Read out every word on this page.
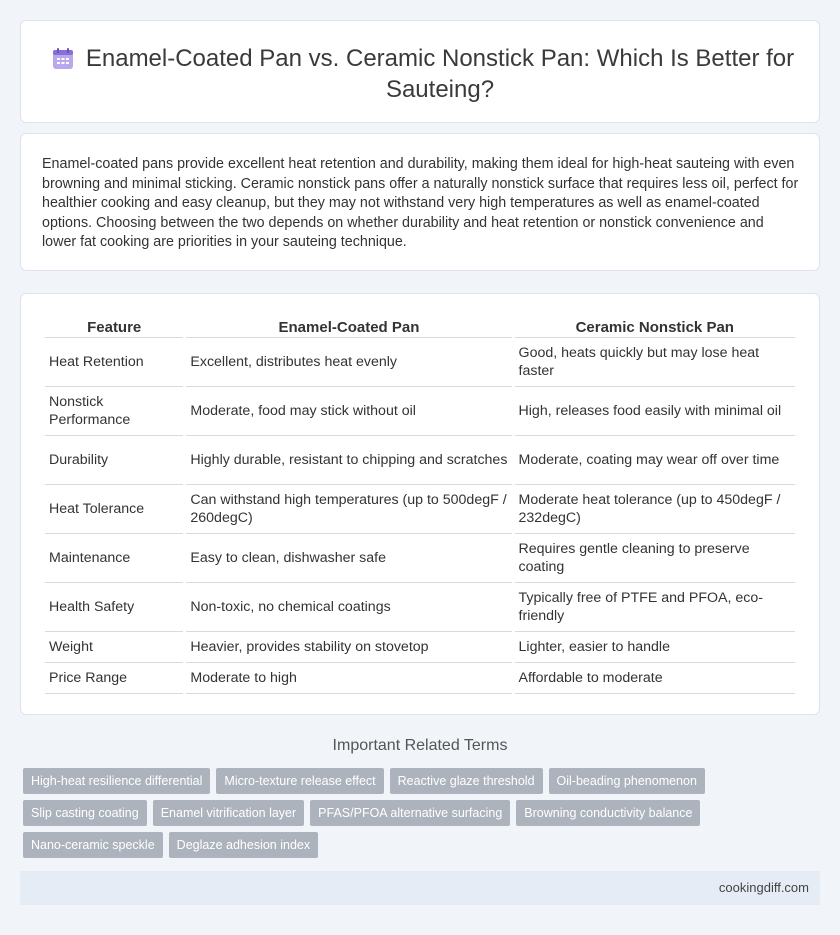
Enamel-Coated Pan vs. Ceramic Nonstick Pan: Which Is Better for Sauteing?

Enamel-coated pans provide excellent heat retention and durability, making them ideal for high-heat sauteing with even browning and minimal sticking. Ceramic nonstick pans offer a naturally nonstick surface that requires less oil, perfect for healthier cooking and easy cleanup, but they may not withstand very high temperatures as well as enamel-coated options. Choosing between the two depends on whether durability and heat retention or nonstick convenience and lower fat cooking are priorities in your sauteing technique.

Feature	Enamel-Coated Pan	Ceramic Nonstick Pan
Heat Retention	Excellent, distributes heat evenly	Good, heats quickly but may lose heat faster
Nonstick Performance	Moderate, food may stick without oil	High, releases food easily with minimal oil
Durability	Highly durable, resistant to chipping and scratches	Moderate, coating may wear off over time
Heat Tolerance	Can withstand high temperatures (up to 500degF / 260degC)	Moderate heat tolerance (up to 450degF / 232degC)
Maintenance	Easy to clean, dishwasher safe	Requires gentle cleaning to preserve coating
Health Safety	Non-toxic, no chemical coatings	Typically free of PTFE and PFOA, eco-friendly
Weight	Heavier, provides stability on stovetop	Lighter, easier to handle
Price Range	Moderate to high	Affordable to moderate
Important Related Terms
High-heat resilience differential	Micro-texture release effect	Reactive glaze threshold	Oil-beading phenomenon
Slip casting coating	Enamel vitrification layer	PFAS/PFOA alternative surfacing	Browning conductivity balance
Nano-ceramic speckle	Deglaze adhesion index
cookingdiff.com
